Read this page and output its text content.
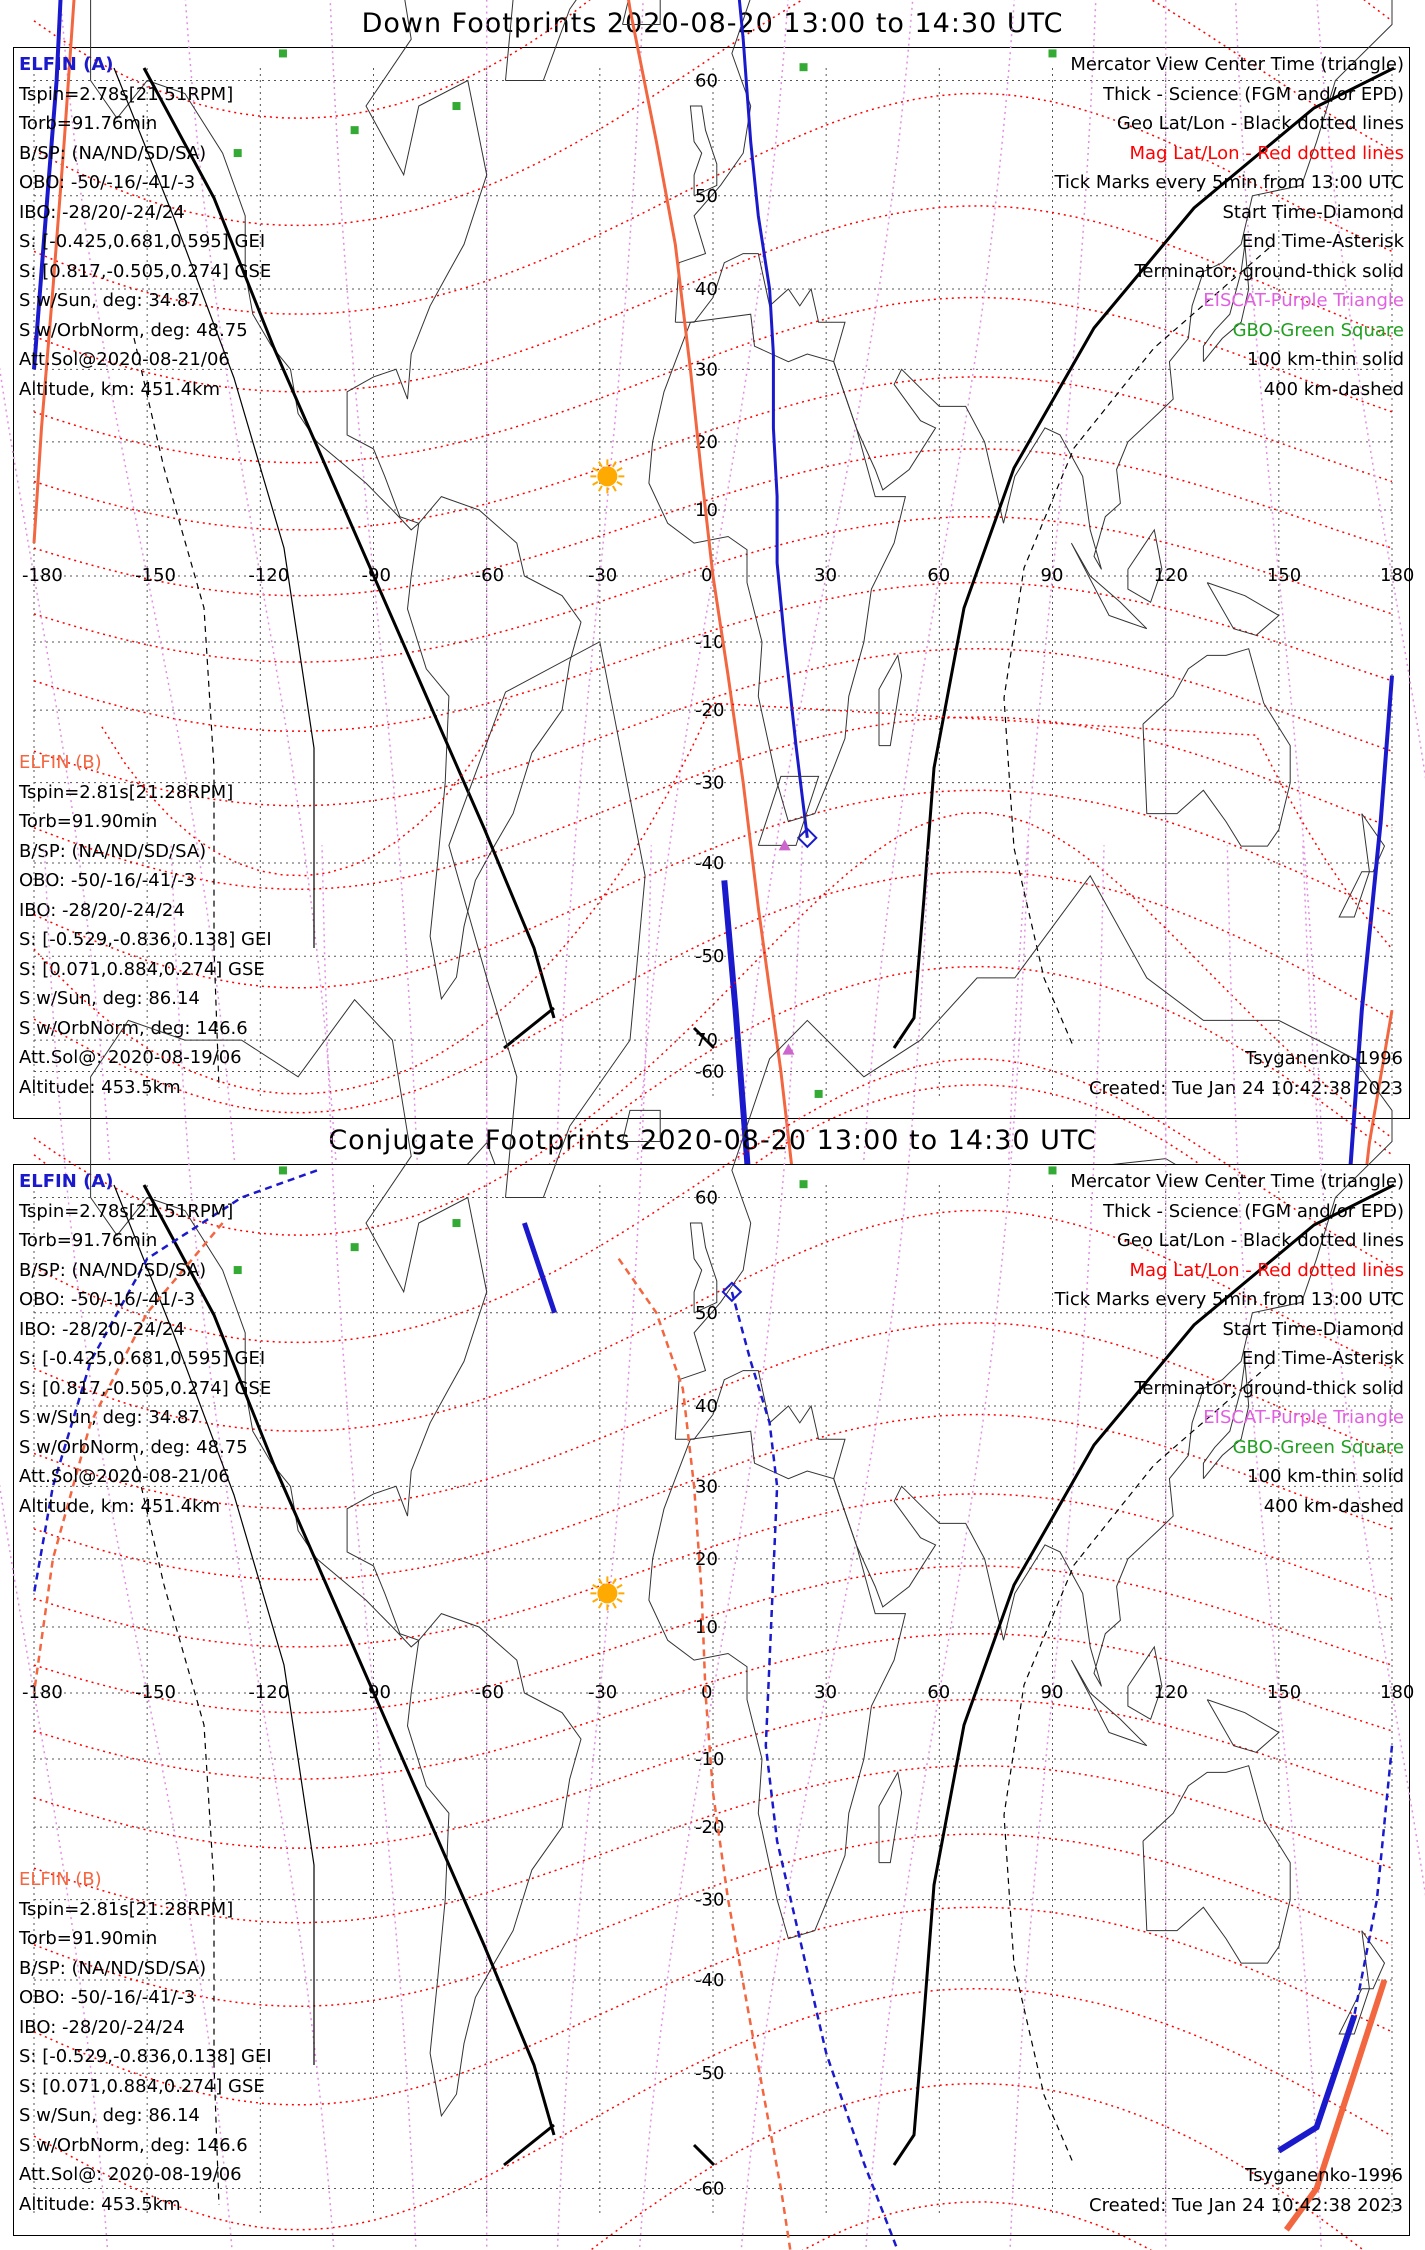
Down Footprints 2020-08-20 13:00 to 14:30 UTC
-180	-150	-120	-90	-60	-30	0	30	60	90	120	150	180
60
50
40
30
20
10
-10
-20
-30
-40
-50
-60
ELFIN (A)
Tspin=2.78s[21.51RPM]
Torb=91.76min
B/SP: (NA/ND/SD/SA)
OBO: -50/-16/-41/-3
IBO: -28/20/-24/24
S: [-0.425,0.681,0.595] GEI
S: [0.817,-0.505,0.274] GSE
S w/Sun, deg: 34.87
S w/OrbNorm, deg: 48.75
Att.Sol@2020-08-21/06
Altitude, km: 451.4km
ELFIN (B)
Tspin=2.81s[21.28RPM]
Torb=91.90min
B/SP: (NA/ND/SD/SA)
OBO: -50/-16/-41/-3
IBO: -28/20/-24/24
S: [-0.529,-0.836,0.138] GEI
S: [0.071,0.884,0.274] GSE
S w/Sun, deg: 86.14
S w/OrbNorm, deg: 146.6
Att.Sol@: 2020-08-19/06
Altitude: 453.5km
Mercator View Center Time (triangle)
Thick - Science (FGM and/or EPD)
Geo Lat/Lon - Black dotted lines
Mag Lat/Lon - Red dotted lines
Tick Marks every 5min from 13:00 UTC
Start Time-Diamond
End Time-Asterisk
Terminator: ground-thick solid
EISCAT-Purple Triangle
GBO-Green Square
100 km-thin solid
400 km-dashed
Tsyganenko-1996
Created: Tue Jan 24 10:42:38 2023
Conjugate Footprints 2020-08-20 13:00 to 14:30 UTC
-180	-150	-120	-90	-60	-30	0	30	60	90	120	150	180
70
60
50
40
30
20
10
-10
-20
-30
-40
-50
-60
ELFIN (A)
Tspin=2.78s[21.51RPM]
Torb=91.76min
B/SP: (NA/ND/SD/SA)
OBO: -50/-16/-41/-3
IBO: -28/20/-24/24
S: [-0.425,0.681,0.595] GEI
S: [0.817,-0.505,0.274] GSE
S w/Sun, deg: 34.87
S w/OrbNorm, deg: 48.75
Att.Sol@2020-08-21/06
Altitude, km: 451.4km
ELFIN (B)
Tspin=2.81s[21.28RPM]
Torb=91.90min
B/SP: (NA/ND/SD/SA)
OBO: -50/-16/-41/-3
IBO: -28/20/-24/24
S: [-0.529,-0.836,0.138] GEI
S: [0.071,0.884,0.274] GSE
S w/Sun, deg: 86.14
S w/OrbNorm, deg: 146.6
Att.Sol@: 2020-08-19/06
Altitude: 453.5km
Mercator View Center Time (triangle)
Thick - Science (FGM and/or EPD)
Geo Lat/Lon - Black dotted lines
Mag Lat/Lon - Red dotted lines
Tick Marks every 5min from 13:00 UTC
Start Time-Diamond
End Time-Asterisk
Terminator: ground-thick solid
EISCAT-Purple Triangle
GBO-Green Square
100 km-thin solid
400 km-dashed
Tsyganenko-1996
Created: Tue Jan 24 10:42:38 2023
